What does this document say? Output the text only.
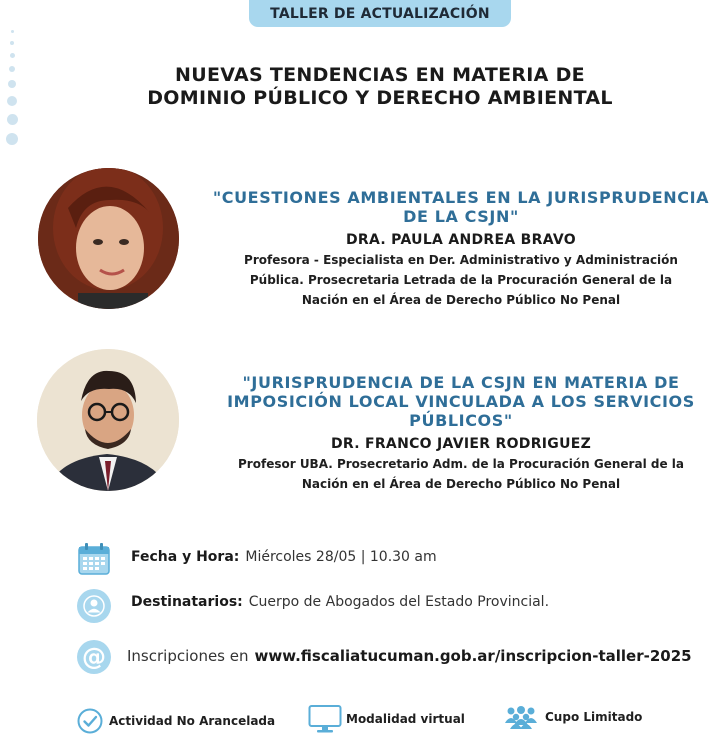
TALLER DE ACTUALIZACIÓN
NUEVAS TENDENCIAS EN MATERIA DE
DOMINIO PÚBLICO Y DERECHO AMBIENTAL
"CUESTIONES AMBIENTALES EN LA JURISPRUDENCIA
DE LA CSJN"
DRA. PAULA ANDREA BRAVO
Profesora - Especialista en Der. Administrativo y Administración
Pública. Prosecretaria Letrada de la Procuración General de la
Nación en el Área de Derecho Público No Penal
"JURISPRUDENCIA DE LA CSJN EN MATERIA DE
IMPOSICIÓN LOCAL VINCULADA A LOS SERVICIOS
PÚBLICOS"
DR. FRANCO JAVIER RODRIGUEZ
Profesor UBA. Prosecretario Adm. de la Procuración General de la
Nación en el Área de Derecho Público No Penal
Fecha y Hora: Miércoles 28/05 | 10.30 am
Destinatarios: Cuerpo de Abogados del Estado Provincial.
@ Inscripciones en www.fiscaliatucuman.gob.ar/inscripcion-taller-2025
Actividad No Arancelada	Modalidad virtual	Cupo Limitado
